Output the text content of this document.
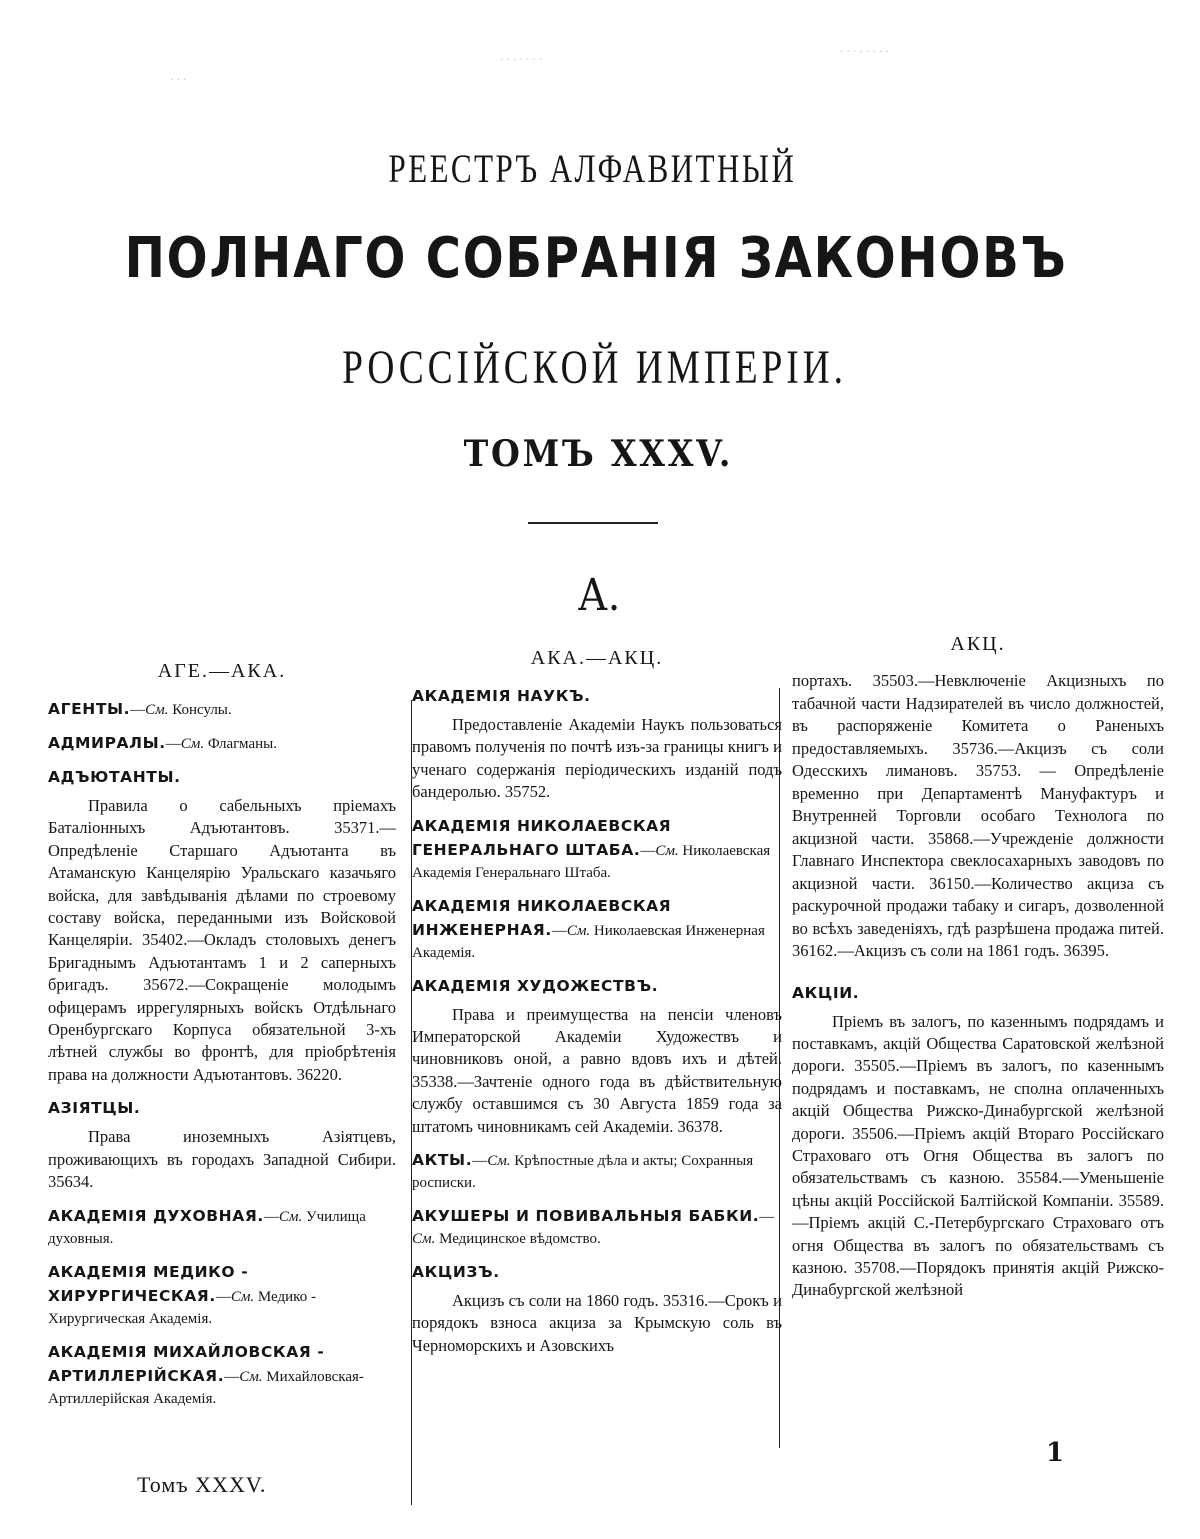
. . . . . . .
. . . . . . . .
. . .
РЕЕСТРЪ АЛФАВИТНЫЙ
ПОЛНАГО СОБРАНІЯ ЗАКОНОВЪ
РОССІЙСКОЙ ИМПЕРІИ.
ТОМЪ XXXV.
А.
АГЕ.—АКА.
АГЕНТЫ.—См. Консулы.
АДМИРАЛЫ.—См. Флагманы.
АДЪЮТАНТЫ.

Правила о сабельныхъ пріемахъ Баталіонныхъ Адъютантовъ. 35371.—Опредѣленіе Старшаго Адъютанта въ Атаманскую Канцелярію Уральскаго казачьяго войска, для завѣдыванія дѣлами по строевому составу войска, переданными изъ Войсковой Канцеляріи. 35402.—Окладъ столовыхъ денегъ Бригаднымъ Адъютантамъ 1 и 2 саперныхъ бригадъ. 35672.—Сокращеніе молодымъ офицерамъ иррегулярныхъ войскъ Отдѣльнаго Оренбургскаго Корпуса обязательной 3-хъ лѣтней службы во фронтѣ, для пріобрѣтенія права на должности Адъютантовъ. 36220.

АЗІЯТЦЫ.

Права иноземныхъ Азіятцевъ, проживающихъ въ городахъ Западной Сибири. 35634.

АКАДЕМІЯ ДУХОВНАЯ.—См. Училища духовныя.
АКАДЕМІЯ МЕДИКО - ХИРУРГИЧЕСКАЯ.—См. Медико - Хирургическая Академія.
АКАДЕМІЯ МИХАЙЛОВСКАЯ - АРТИЛЛЕРІЙСКАЯ.—См. Михайловская-Артиллерійская Академія.
АКА.—АКЦ.
АКАДЕМІЯ НАУКЪ.

Предоставленіе Академіи Наукъ пользоваться правомъ полученія по почтѣ изъ-за границы книгъ и ученаго содержанія періодическихъ изданій подъ бандеролью. 35752.

АКАДЕМІЯ НИКОЛАЕВСКАЯ ГЕНЕРАЛЬНАГО ШТАБА.—См. Николаевская Академія Генеральнаго Штаба.
АКАДЕМІЯ НИКОЛАЕВСКАЯ ИНЖЕНЕРНАЯ.—См. Николаевская Инженерная Академія.
АКАДЕМІЯ ХУДОЖЕСТВЪ.

Права и преимущества на пенсіи членовъ Императорской Академіи Художествъ и чиновниковъ оной, а равно вдовъ ихъ и дѣтей. 35338.—Зачтеніе одного года въ дѣйствительную службу оставшимся съ 30 Августа 1859 года за штатомъ чиновникамъ сей Академіи. 36378.

АКТЫ.—См. Крѣпостные дѣла и акты; Сохранныя росписки.
АКУШЕРЫ И ПОВИВАЛЬНЫЯ БАБКИ.—См. Медицинское вѣдомство.
АКЦИЗЪ.

Акцизъ съ соли на 1860 годъ. 35316.—Срокъ и порядокъ взноса акциза за Крымскую соль въ Черноморскихъ и Азовскихъ

АКЦ.

портахъ. 35503.—Невключеніе Акцизныхъ по табачной части Надзирателей въ число должностей, въ распоряженіе Комитета о Раненыхъ предоставляемыхъ. 35736.—Акцизъ съ соли Одесскихъ лимановъ. 35753. — Опредѣленіе временно при Департаментѣ Мануфактуръ и Внутренней Торговли особаго Технолога по акцизной части. 35868.—Учрежденіе должности Главнаго Инспектора свеклосахарныхъ заводовъ по акцизной части. 36150.—Количество акциза съ раскурочной продажи табаку и сигаръ, дозволенной во всѣхъ заведеніяхъ, гдѣ разрѣшена продажа питей. 36162.—Акцизъ съ соли на 1861 годъ. 36395.

АКЦІИ.

Пріемъ въ залогъ, по казеннымъ подрядамъ и поставкамъ, акцій Общества Саратовской желѣзной дороги. 35505.—Пріемъ въ залогъ, по казеннымъ подрядамъ и поставкамъ, не сполна оплаченныхъ акцій Общества Рижско-Динабургской желѣзной дороги. 35506.—Пріемъ акцій Втораго Россійскаго Страховаго отъ Огня Общества въ залогъ по обязательствамъ съ казною. 35584.—Уменьшеніе цѣны акцій Россійской Балтійской Компаніи. 35589.—Пріемъ акцій С.-Петербургскаго Страховаго отъ огня Общества въ залогъ по обязательствамъ съ казною. 35708.—Порядокъ принятія акцій Рижско-Динабургской желѣзной

Томъ XXXV.
1
